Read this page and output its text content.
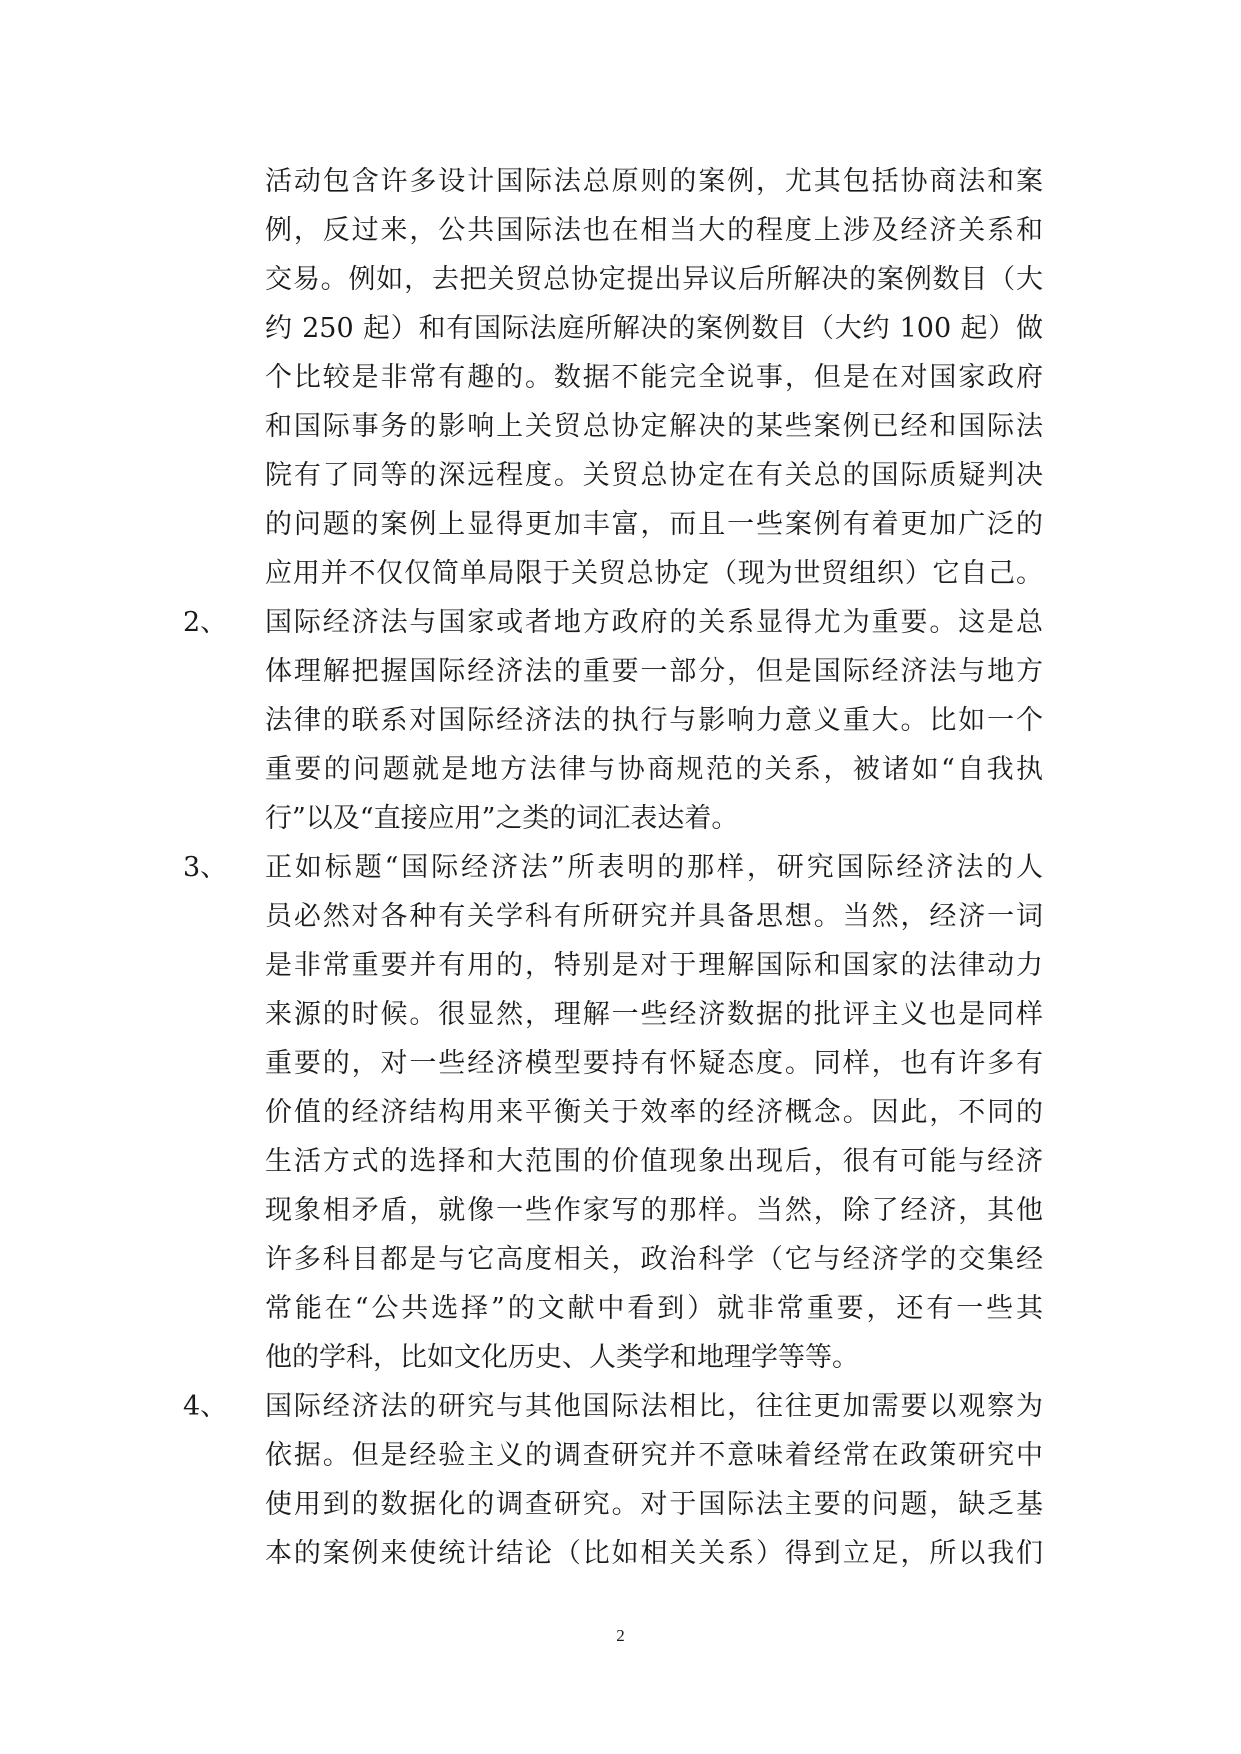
活动包含许多设计国际法总原则的案例，尤其包括协商法和案
例，反过来，公共国际法也在相当大的程度上涉及经济关系和
交易。例如，去把关贸总协定提出异议后所解决的案例数目（大
约 250 起）和有国际法庭所解决的案例数目（大约 100 起）做
个比较是非常有趣的。数据不能完全说事，但是在对国家政府
和国际事务的影响上关贸总协定解决的某些案例已经和国际法
院有了同等的深远程度。关贸总协定在有关总的国际质疑判决
的问题的案例上显得更加丰富，而且一些案例有着更加广泛的
应用并不仅仅简单局限于关贸总协定（现为世贸组织）它自己。
2、 国际经济法与国家或者地方政府的关系显得尤为重要。这是总
体理解把握国际经济法的重要一部分，但是国际经济法与地方
法律的联系对国际经济法的执行与影响力意义重大。比如一个
重要的问题就是地方法律与协商规范的关系，被诸如“自我执
行”以及“直接应用”之类的词汇表达着。
3、 正如标题“国际经济法”所表明的那样，研究国际经济法的人
员必然对各种有关学科有所研究并具备思想。当然，经济一词
是非常重要并有用的，特别是对于理解国际和国家的法律动力
来源的时候。很显然，理解一些经济数据的批评主义也是同样
重要的，对一些经济模型要持有怀疑态度。同样，也有许多有
价值的经济结构用来平衡关于效率的经济概念。因此，不同的
生活方式的选择和大范围的价值现象出现后，很有可能与经济
现象相矛盾，就像一些作家写的那样。当然，除了经济，其他
许多科目都是与它高度相关，政治科学（它与经济学的交集经
常能在“公共选择”的文献中看到）就非常重要，还有一些其
他的学科，比如文化历史、人类学和地理学等等。
4、 国际经济法的研究与其他国际法相比，往往更加需要以观察为
依据。但是经验主义的调查研究并不意味着经常在政策研究中
使用到的数据化的调查研究。对于国际法主要的问题，缺乏基
本的案例来使统计结论（比如相关关系）得到立足，所以我们
2
